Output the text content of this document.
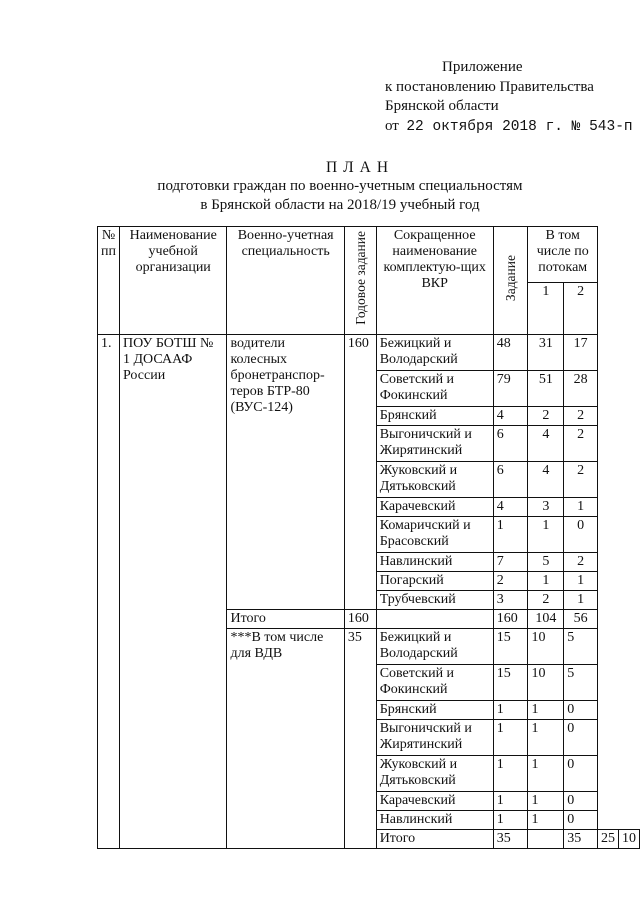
Приложение
к постановлению Правительства
Брянской области
от 22 октября 2018 г. № 543-п
ПЛАН
подготовки граждан по военно-учетным специальностям
в Брянской области на 2018/19 учебный год
№ пп	Наименование учебной организации	Военно-учетная специальность	Годовое задание	Сокращенное наименование комплектую-щих ВКР	Задание	В том числе по потокам			
						1	2		
1.	ПОУ БОТШ № 1 ДОСААФ России	водители колесных бронетранспор-теров БТР-80 (ВУС-124)	160	Бежицкий и Володарский	48	31	17		
				Советский и Фокинский	79	51	28		
				Брянский	4	2	2		
				Выгоничский и Жирятинский	6	4	2		
				Жуковский и Дятьковский	6	4	2		
				Карачевский	4	3	1		
				Комаричский и Брасовский	1	1	0		
				Навлинский	7	5	2		
				Погарский	2	1	1		
				Трубчевский	3	2	1		
		Итого	160		160	104	56		
		***В том числе для ВДВ	35	Бежицкий и Володарский	15	10	5		
				Советский и Фокинский	15	10	5		
				Брянский	1	1	0		
				Выгоничский и Жирятинский	1	1	0		
				Жуковский и Дятьковский	1	1	0		
				Карачевский	1	1	0		
				Навлинский	1	1	0		
				Итого	35		35	25	10
